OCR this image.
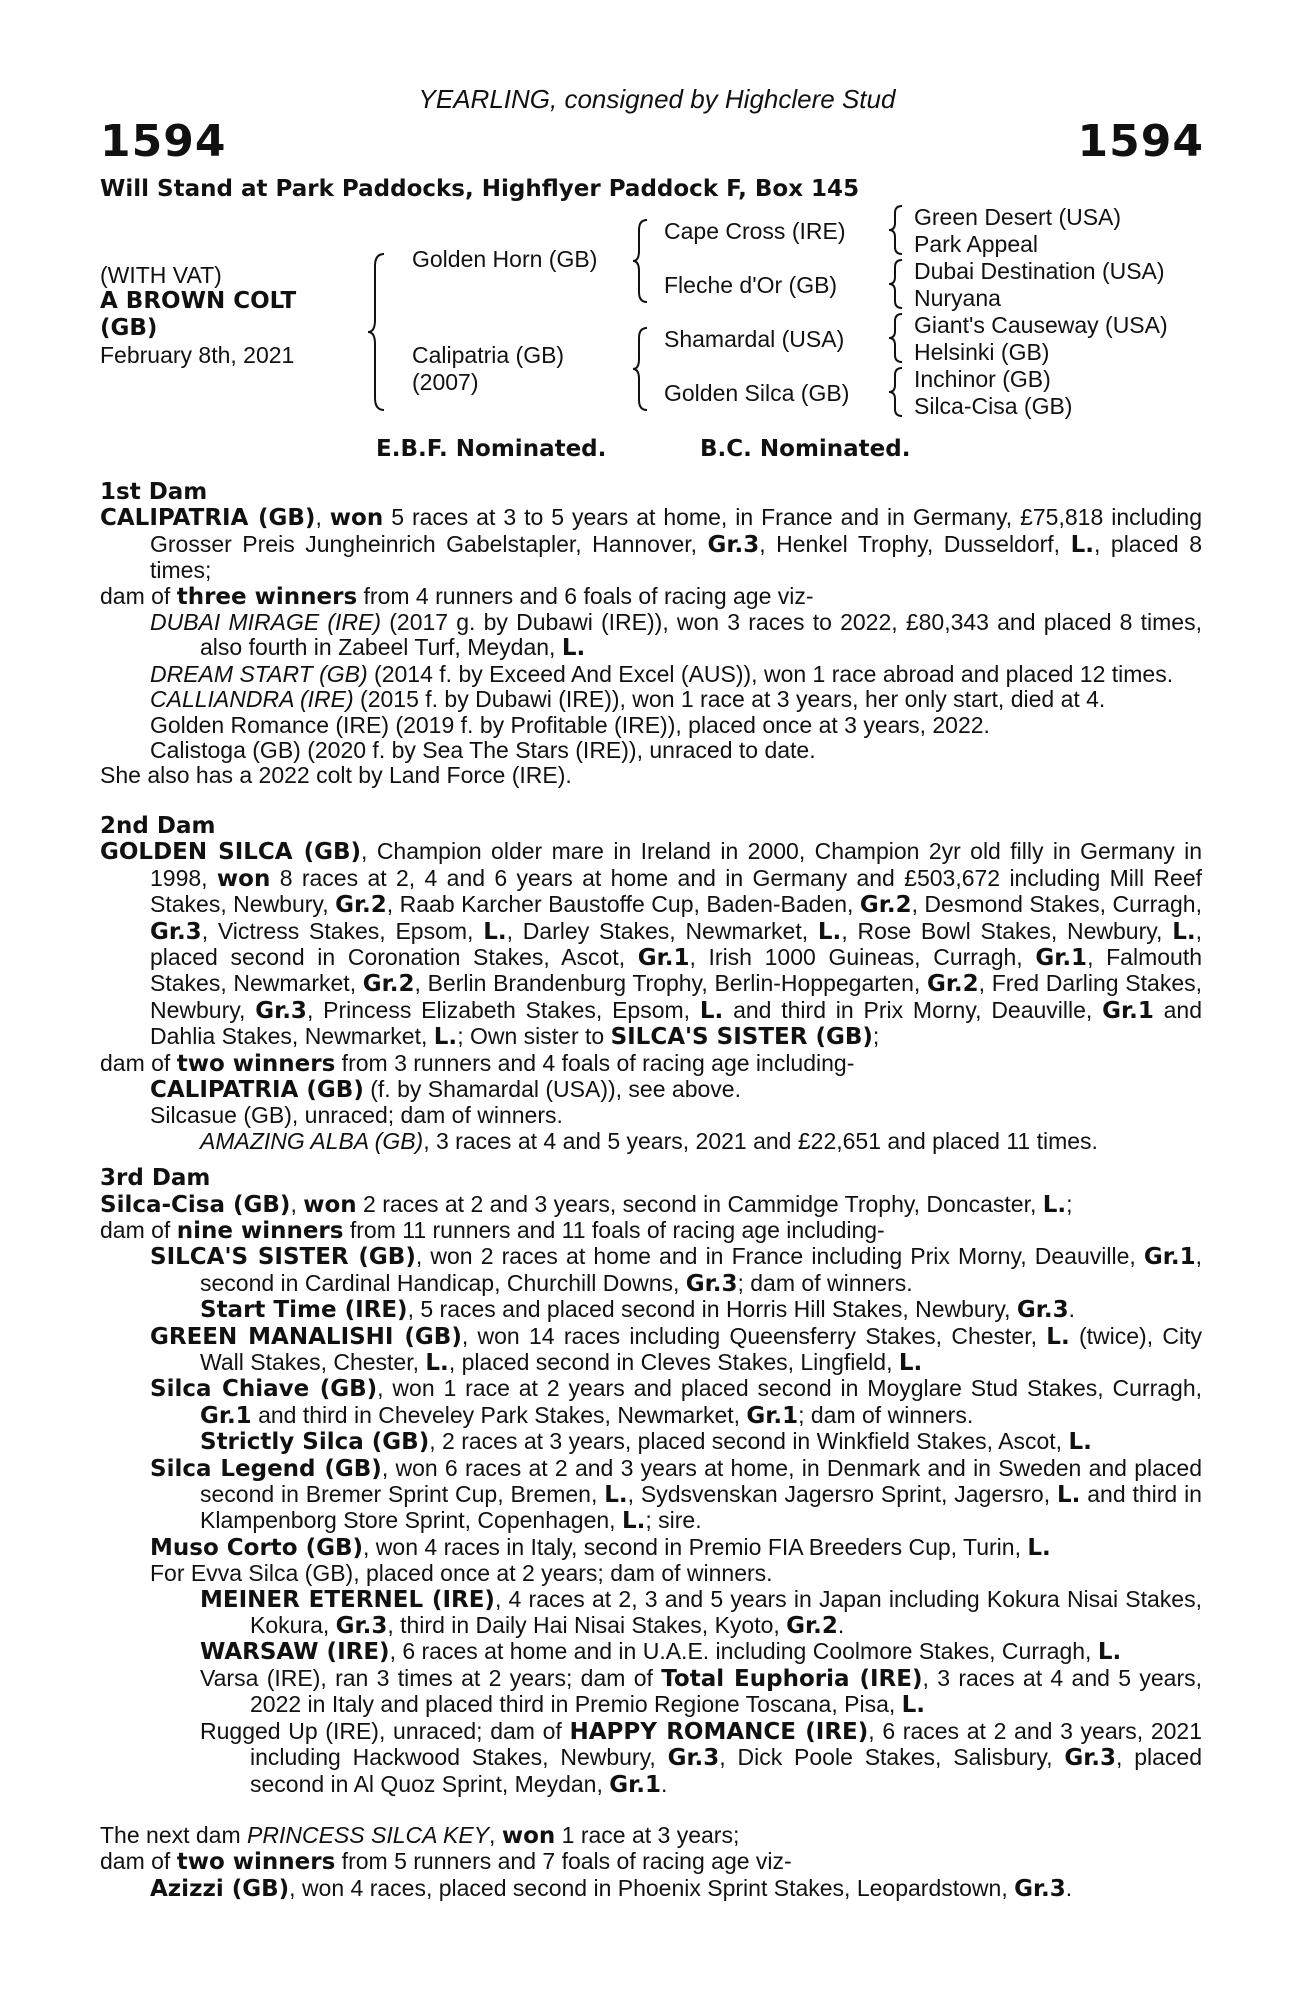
YEARLING, consigned by Highclere Stud
1594	1594
Will Stand at Park Paddocks, Highflyer Paddock F, Box 145
(WITH VAT)
A BROWN COLT
(GB)
February 8th, 2021
Golden Horn (GB)
Calipatria (GB)
(2007)
Cape Cross (IRE)
Fleche d'Or (GB)
Shamardal (USA)
Golden Silca (GB)
Green Desert (USA)
Park Appeal
Dubai Destination (USA)
Nuryana
Giant's Causeway (USA)
Helsinki (GB)
Inchinor (GB)
Silca-Cisa (GB)
E.B.F. Nominated.	B.C. Nominated.

1st Dam

CALIPATRIA (GB), won 5 races at 3 to 5 years at home, in France and in Germany, £75,818 including Grosser Preis Jungheinrich Gabelstapler, Hannover, Gr.3, Henkel Trophy, Dusseldorf, L., placed 8 times;

dam of three winners from 4 runners and 6 foals of racing age viz-

DUBAI MIRAGE (IRE) (2017 g. by Dubawi (IRE)), won 3 races to 2022, £80,343 and placed 8 times, also fourth in Zabeel Turf, Meydan, L.

DREAM START (GB) (2014 f. by Exceed And Excel (AUS)), won 1 race abroad and placed 12 times.

CALLIANDRA (IRE) (2015 f. by Dubawi (IRE)), won 1 race at 3 years, her only start, died at 4.

Golden Romance (IRE) (2019 f. by Profitable (IRE)), placed once at 3 years, 2022.

Calistoga (GB) (2020 f. by Sea The Stars (IRE)), unraced to date.

She also has a 2022 colt by Land Force (IRE).

2nd Dam

GOLDEN SILCA (GB), Champion older mare in Ireland in 2000, Champion 2yr old filly in Germany in 1998, won 8 races at 2, 4 and 6 years at home and in Germany and £503,672 including Mill Reef Stakes, Newbury, Gr.2, Raab Karcher Baustoffe Cup, Baden-Baden, Gr.2, Desmond Stakes, Curragh, Gr.3, Victress Stakes, Epsom, L., Darley Stakes, Newmarket, L., Rose Bowl Stakes, Newbury, L., placed second in Coronation Stakes, Ascot, Gr.1, Irish 1000 Guineas, Curragh, Gr.1, Falmouth Stakes, Newmarket, Gr.2, Berlin Brandenburg Trophy, Berlin-Hoppegarten, Gr.2, Fred Darling Stakes, Newbury, Gr.3, Princess Elizabeth Stakes, Epsom, L. and third in Prix Morny, Deauville, Gr.1 and Dahlia Stakes, Newmarket, L.; Own sister to SILCA'S SISTER (GB);

dam of two winners from 3 runners and 4 foals of racing age including-

CALIPATRIA (GB) (f. by Shamardal (USA)), see above.

Silcasue (GB), unraced; dam of winners.

AMAZING ALBA (GB), 3 races at 4 and 5 years, 2021 and £22,651 and placed 11 times.

3rd Dam

Silca-Cisa (GB), won 2 races at 2 and 3 years, second in Cammidge Trophy, Doncaster, L.;

dam of nine winners from 11 runners and 11 foals of racing age including-

SILCA'S SISTER (GB), won 2 races at home and in France including Prix Morny, Deauville, Gr.1, second in Cardinal Handicap, Churchill Downs, Gr.3; dam of winners.

Start Time (IRE), 5 races and placed second in Horris Hill Stakes, Newbury, Gr.3.

GREEN MANALISHI (GB), won 14 races including Queensferry Stakes, Chester, L. (twice), City Wall Stakes, Chester, L., placed second in Cleves Stakes, Lingfield, L.

Silca Chiave (GB), won 1 race at 2 years and placed second in Moyglare Stud Stakes, Curragh, Gr.1 and third in Cheveley Park Stakes, Newmarket, Gr.1; dam of winners.

Strictly Silca (GB), 2 races at 3 years, placed second in Winkfield Stakes, Ascot, L.

Silca Legend (GB), won 6 races at 2 and 3 years at home, in Denmark and in Sweden and placed second in Bremer Sprint Cup, Bremen, L., Sydsvenskan Jagersro Sprint, Jagersro, L. and third in Klampenborg Store Sprint, Copenhagen, L.; sire.

Muso Corto (GB), won 4 races in Italy, second in Premio FIA Breeders Cup, Turin, L.

For Evva Silca (GB), placed once at 2 years; dam of winners.

MEINER ETERNEL (IRE), 4 races at 2, 3 and 5 years in Japan including Kokura Nisai Stakes, Kokura, Gr.3, third in Daily Hai Nisai Stakes, Kyoto, Gr.2.

WARSAW (IRE), 6 races at home and in U.A.E. including Coolmore Stakes, Curragh, L.

Varsa (IRE), ran 3 times at 2 years; dam of Total Euphoria (IRE), 3 races at 4 and 5 years, 2022 in Italy and placed third in Premio Regione Toscana, Pisa, L.

Rugged Up (IRE), unraced; dam of HAPPY ROMANCE (IRE), 6 races at 2 and 3 years, 2021 including Hackwood Stakes, Newbury, Gr.3, Dick Poole Stakes, Salisbury, Gr.3, placed second in Al Quoz Sprint, Meydan, Gr.1.

The next dam PRINCESS SILCA KEY, won 1 race at 3 years;

dam of two winners from 5 runners and 7 foals of racing age viz-

Azizzi (GB), won 4 races, placed second in Phoenix Sprint Stakes, Leopardstown, Gr.3.
